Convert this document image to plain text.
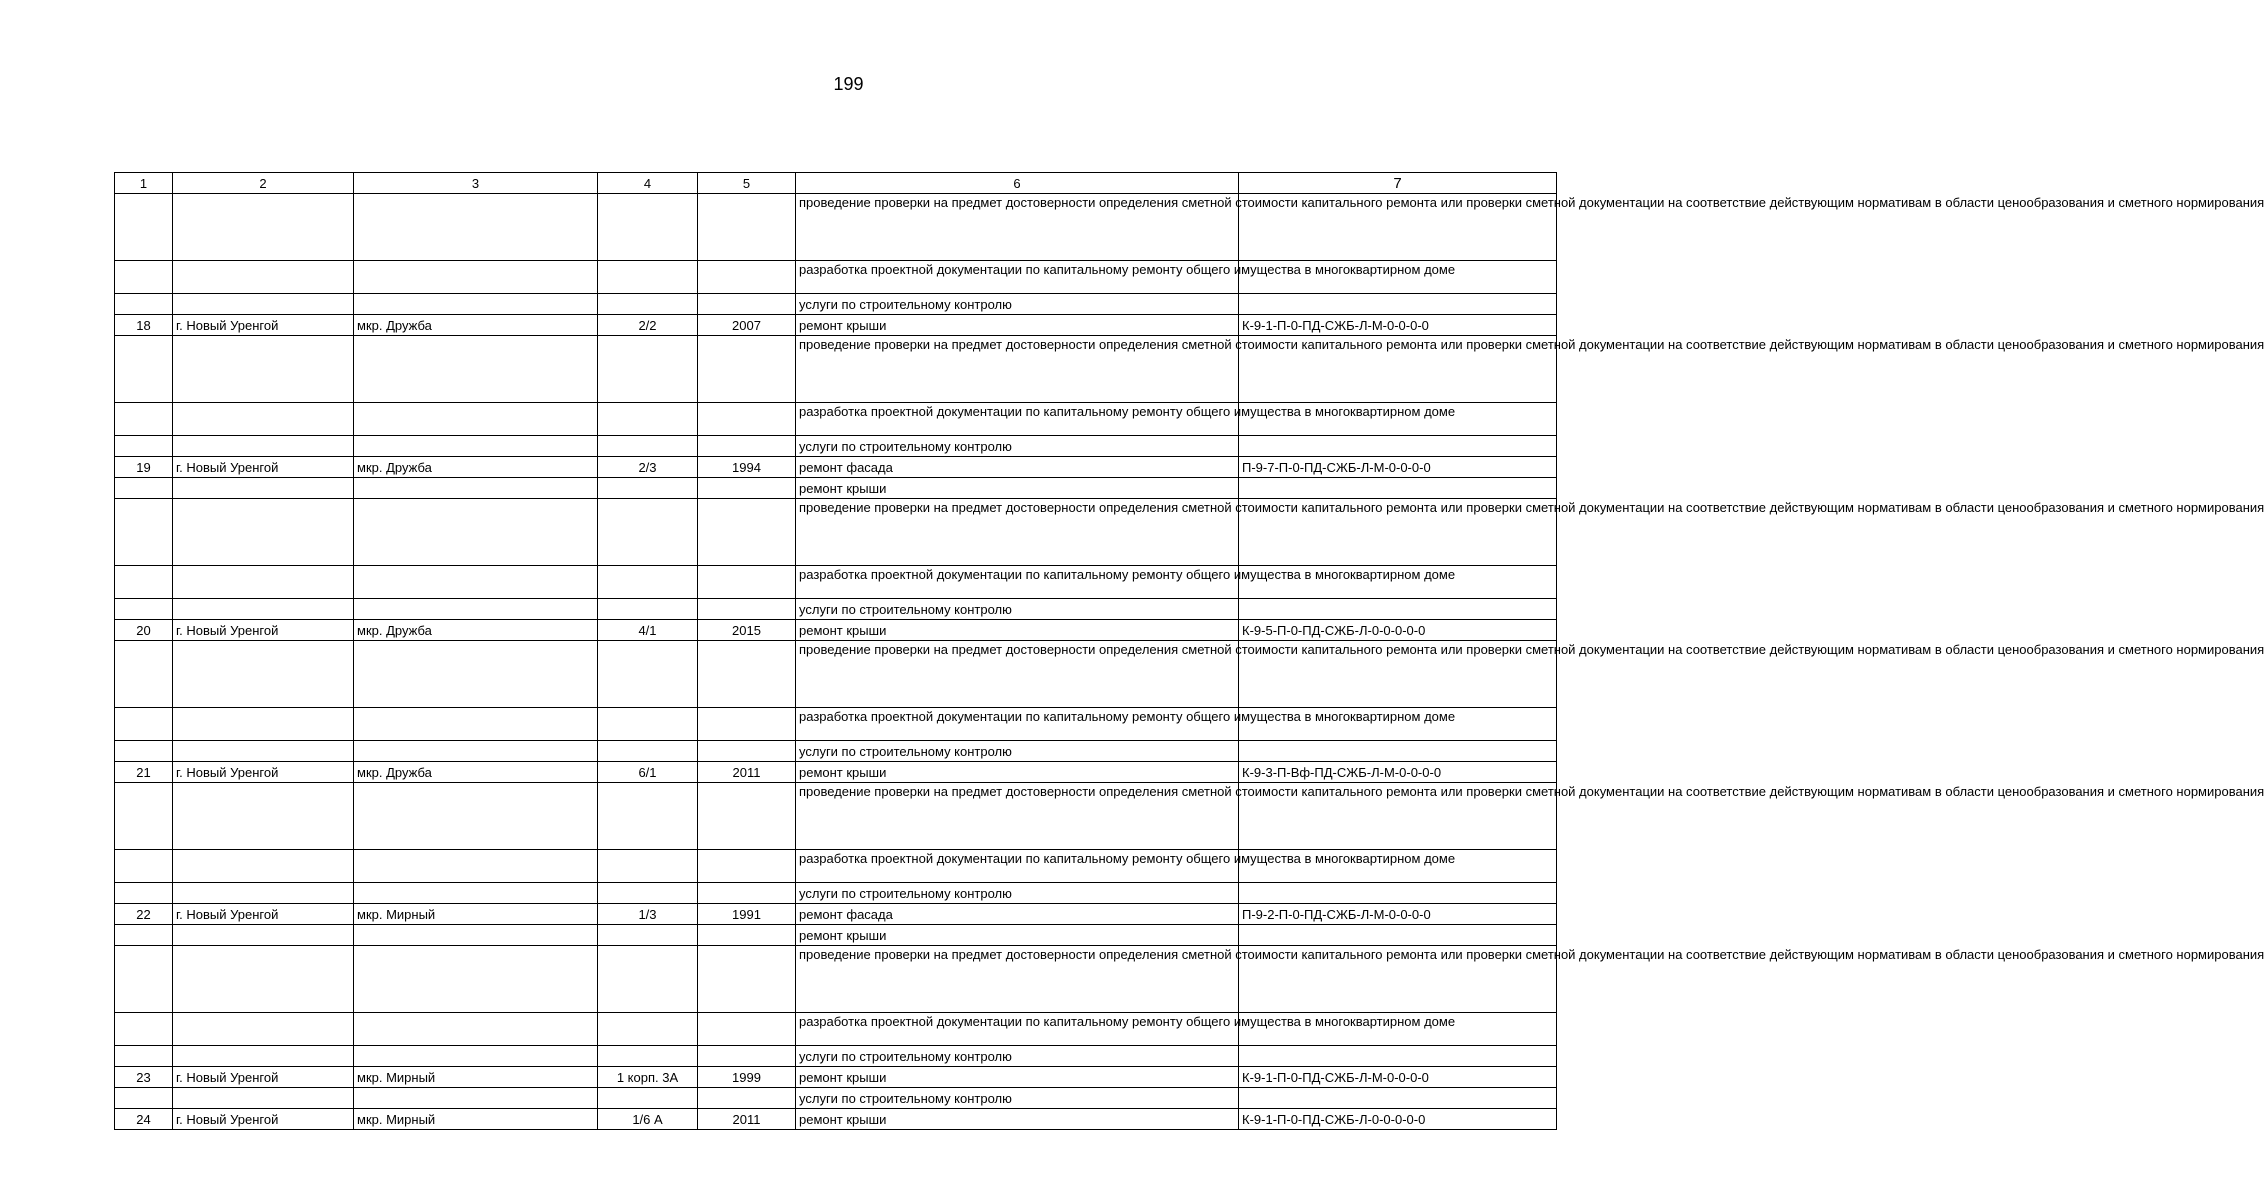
199
1	2	3	4	5	6	7
					проведение проверки на предмет достоверности определения сметной стоимости капитального ремонта или проверки сметной документации на соответствие действующим нормативам в области ценообразования и сметного нормирования	
					разработка проектной документации по капитальному ремонту общего имущества в многоквартирном доме	
					услуги по строительному контролю	
18	г. Новый Уренгой	мкр. Дружба	2/2	2007	ремонт крыши	К-9-1-П-0-ПД-СЖБ-Л-М-0-0-0-0
					проведение проверки на предмет достоверности определения сметной стоимости капитального ремонта или проверки сметной документации на соответствие действующим нормативам в области ценообразования и сметного нормирования	
					разработка проектной документации по капитальному ремонту общего имущества в многоквартирном доме	
					услуги по строительному контролю	
19	г. Новый Уренгой	мкр. Дружба	2/3	1994	ремонт фасада	П-9-7-П-0-ПД-СЖБ-Л-М-0-0-0-0
					ремонт крыши	
					проведение проверки на предмет достоверности определения сметной стоимости капитального ремонта или проверки сметной документации на соответствие действующим нормативам в области ценообразования и сметного нормирования	
					разработка проектной документации по капитальному ремонту общего имущества в многоквартирном доме	
					услуги по строительному контролю	
20	г. Новый Уренгой	мкр. Дружба	4/1	2015	ремонт крыши	К-9-5-П-0-ПД-СЖБ-Л-0-0-0-0-0
					проведение проверки на предмет достоверности определения сметной стоимости капитального ремонта или проверки сметной документации на соответствие действующим нормативам в области ценообразования и сметного нормирования	
					разработка проектной документации по капитальному ремонту общего имущества в многоквартирном доме	
					услуги по строительному контролю	
21	г. Новый Уренгой	мкр. Дружба	6/1	2011	ремонт крыши	К-9-3-П-Вф-ПД-СЖБ-Л-М-0-0-0-0
					проведение проверки на предмет достоверности определения сметной стоимости капитального ремонта или проверки сметной документации на соответствие действующим нормативам в области ценообразования и сметного нормирования	
					разработка проектной документации по капитальному ремонту общего имущества в многоквартирном доме	
					услуги по строительному контролю	
22	г. Новый Уренгой	мкр. Мирный	1/3	1991	ремонт фасада	П-9-2-П-0-ПД-СЖБ-Л-М-0-0-0-0
					ремонт крыши	
					проведение проверки на предмет достоверности определения сметной стоимости капитального ремонта или проверки сметной документации на соответствие действующим нормативам в области ценообразования и сметного нормирования	
					разработка проектной документации по капитальному ремонту общего имущества в многоквартирном доме	
					услуги по строительному контролю	
23	г. Новый Уренгой	мкр. Мирный	1 корп. 3А	1999	ремонт крыши	К-9-1-П-0-ПД-СЖБ-Л-М-0-0-0-0
					услуги по строительному контролю	
24	г. Новый Уренгой	мкр. Мирный	1/6 А	2011	ремонт крыши	К-9-1-П-0-ПД-СЖБ-Л-0-0-0-0-0
